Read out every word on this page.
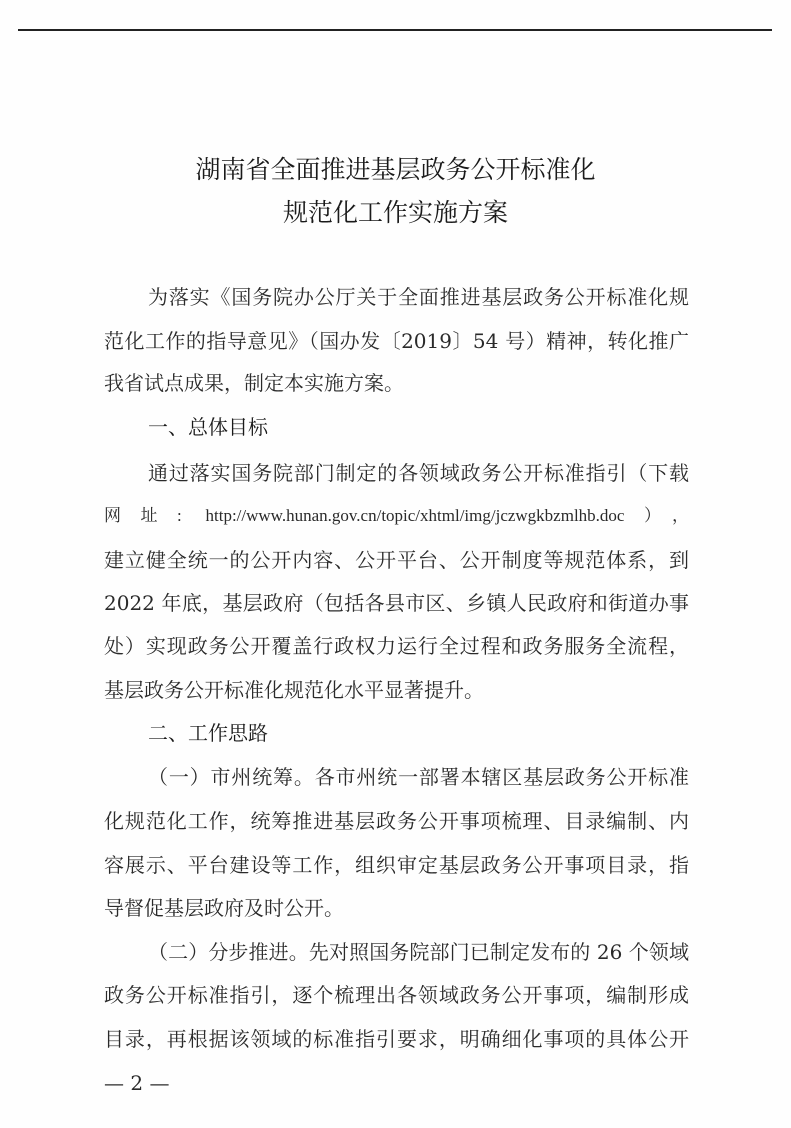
湖南省全面推进基层政务公开标准化
规范化工作实施方案
为落实《国务院办公厅关于全面推进基层政务公开标准化规
范化工作的指导意见》（国办发〔2019〕54 号）精神，转化推广
我省试点成果，制定本实施方案。
一、总体目标
通过落实国务院部门制定的各领域政务公开标准指引（下载
网址: http://www.hunan.gov.cn/topic/xhtml/img/jczwgkbzmlhb.doc），
建立健全统一的公开内容、公开平台、公开制度等规范体系，到
2022 年底，基层政府（包括各县市区、乡镇人民政府和街道办事
处）实现政务公开覆盖行政权力运行全过程和政务服务全流程，
基层政务公开标准化规范化水平显著提升。
二、工作思路
（一）市州统筹。各市州统一部署本辖区基层政务公开标准
化规范化工作，统筹推进基层政务公开事项梳理、目录编制、内
容展示、平台建设等工作，组织审定基层政务公开事项目录，指
导督促基层政府及时公开。
（二）分步推进。先对照国务院部门已制定发布的 26 个领域
政务公开标准指引，逐个梳理出各领域政务公开事项，编制形成
目录，再根据该领域的标准指引要求，明确细化事项的具体公开
— 2 —
